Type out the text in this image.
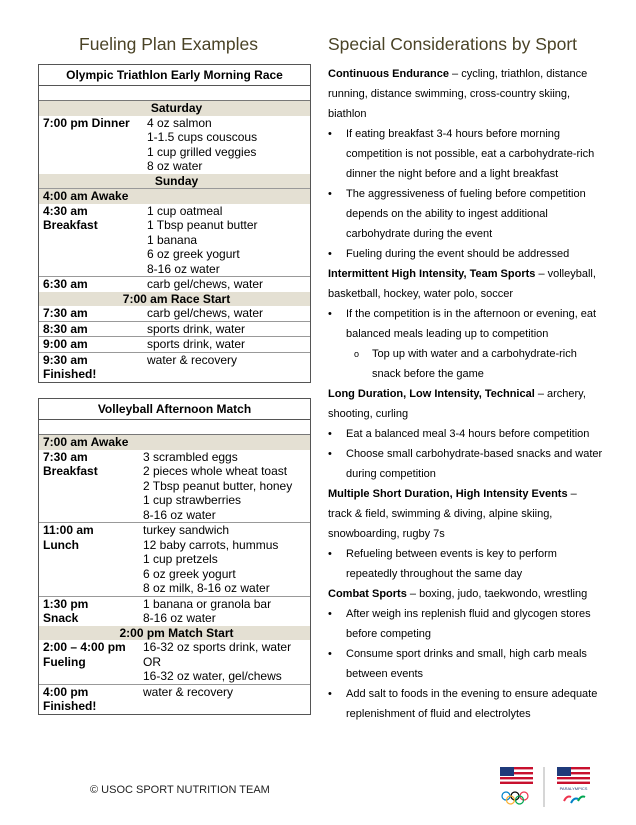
Fueling Plan Examples	Special Considerations by Sport
Olympic Triathlon Early Morning Race
Saturday	
7:00 pm Dinner	4 oz salmon
	1-1.5 cups couscous
	1 cup grilled veggies
	8 oz water
Sunday	
4:00 am Awake	
4:30 am	1 cup oatmeal
Breakfast	1 Tbsp peanut butter
	1 banana
	6 oz greek yogurt
	8-16 oz water
6:30 am	carb gel/chews, water
7:00 am Race Start	
7:30 am	carb gel/chews, water
8:30 am	sports drink, water
9:00 am	sports drink, water
9:30 am	water & recovery
Finished!	
Volleyball Afternoon Match
7:00 am Awake	
7:30 am	3 scrambled eggs
Breakfast	2 pieces whole wheat toast
	2 Tbsp peanut butter, honey
	1 cup strawberries
	8-16 oz water
11:00 am	turkey sandwich
Lunch	12 baby carrots, hummus
	1 cup pretzels
	6 oz greek yogurt
	8 oz milk, 8-16 oz water
1:30 pm	1 banana or granola bar
Snack	8-16 oz water
2:00 pm Match Start	
2:00 – 4:00 pm	16-32 oz sports drink, water
Fueling	OR
	16-32 oz water, gel/chews
4:00 pm	water & recovery
Finished!	
Continuous Endurance – cycling, triathlon, distance running, distance swimming, cross-country skiing, biathlon
• If eating breakfast 3-4 hours before morning competition is not possible, eat a carbohydrate-rich dinner the night before and a light breakfast
• The aggressiveness of fueling before competition depends on the ability to ingest additional carbohydrate during the event
• Fueling during the event should be addressed
Intermittent High Intensity, Team Sports – volleyball, basketball, hockey, water polo, soccer
• If the competition is in the afternoon or evening, eat balanced meals leading up to competition
o Top up with water and a carbohydrate-rich snack before the game
Long Duration, Low Intensity, Technical – archery, shooting, curling
• Eat a balanced meal 3-4 hours before competition
• Choose small carbohydrate-based snacks and water during competition
Multiple Short Duration, High Intensity Events – track & field, swimming & diving, alpine skiing, snowboarding, rugby 7s
• Refueling between events is key to perform repeatedly throughout the same day
Combat Sports – boxing, judo, taekwondo, wrestling
• After weigh ins replenish fluid and glycogen stores before competing
• Consume sport drinks and small, high carb meals between events
• Add salt to foods in the evening to ensure adequate replenishment of fluid and electrolytes
© USOC SPORT NUTRITION TEAM	PARALYMPICS
